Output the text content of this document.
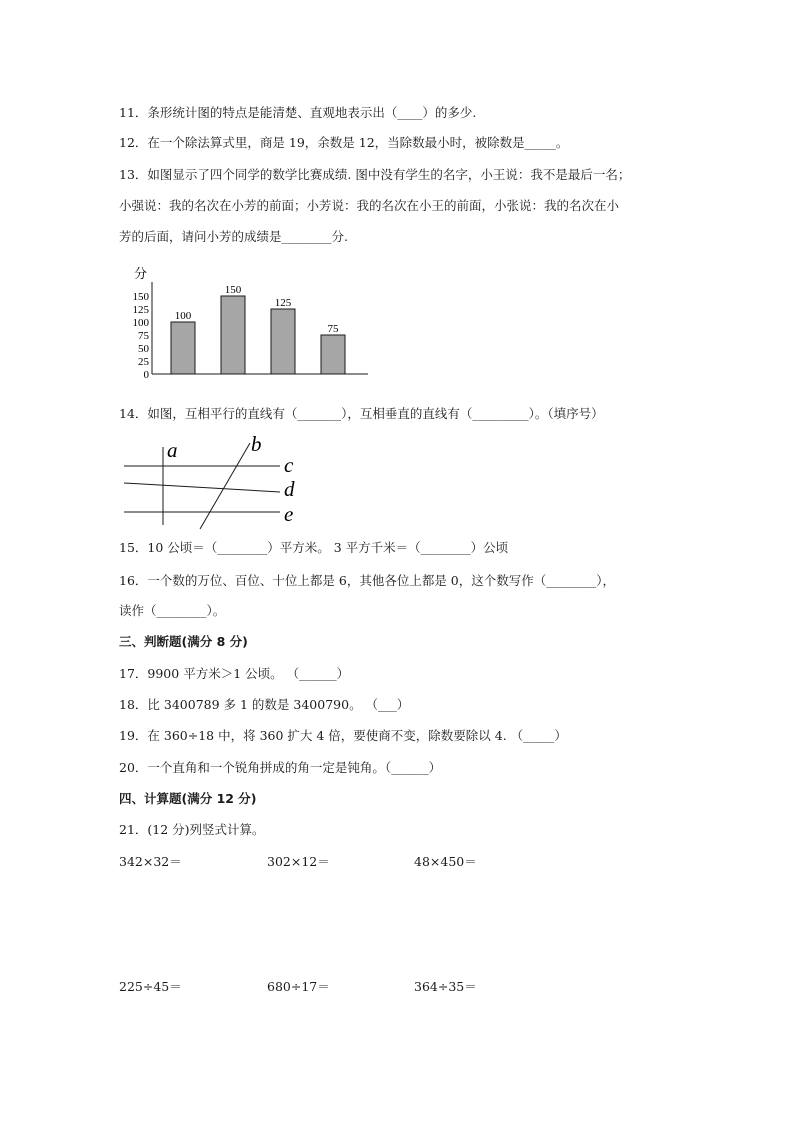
11．条形统计图的特点是能清楚、直观地表示出（____）的多少.
12．在一个除法算式里，商是 19，余数是 12，当除数最小时，被除数是_____。
13．如图显示了四个同学的数学比赛成绩. 图中没有学生的名字，小王说：我不是最后一名；
小强说：我的名次在小芳的前面；小芳说：我的名次在小王的前面，小张说：我的名次在小
芳的后面，请问小芳的成绩是________分.
分
0
25
50
75
100
125
150
100
150
125
75
14．如图，互相平行的直线有（_______），互相垂直的直线有（_________）。（填序号）
a	b
c
d
e
15．10 公顷＝（________）平方米。 3 平方千米＝（________）公顷
16．一个数的万位、百位、十位上都是 6，其他各位上都是 0，这个数写作（________），
读作（________）。
三、判断题(满分 8 分)
17．9900 平方米＞1 公顷。 （______）
18．比 3400789 多 1 的数是 3400790。 （___）
19．在 360÷18 中，将 360 扩大 4 倍，要使商不变，除数要除以 4. （_____）
20．一个直角和一个锐角拼成的角一定是钝角。（______）
四、计算题(满分 12 分)
21．(12 分)列竖式计算。
342×32＝	302×12＝	48×450＝
225÷45＝	680÷17＝	364÷35＝
